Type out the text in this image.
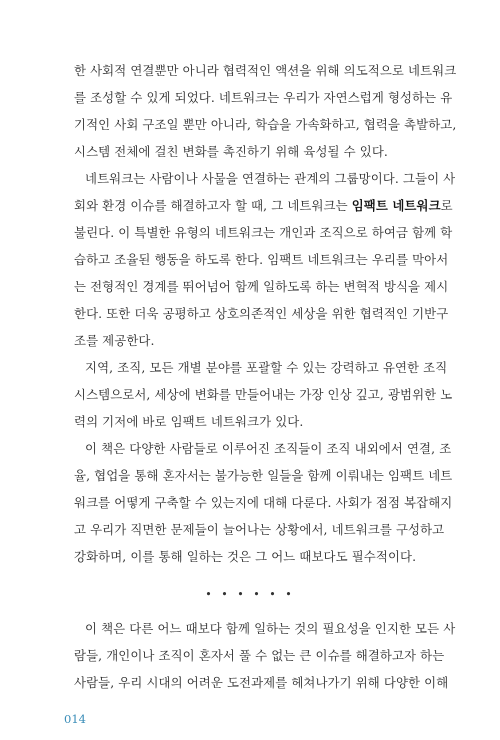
한 사회적 연결뿐만 아니라 협력적인 액션을 위해 의도적으로 네트워크
를 조성할 수 있게 되었다. 네트워크는 우리가 자연스럽게 형성하는 유
기적인 사회 구조일 뿐만 아니라, 학습을 가속화하고, 협력을 촉발하고,
시스템 전체에 걸친 변화를 촉진하기 위해 육성될 수 있다.
네트워크는 사람이나 사물을 연결하는 관계의 그룹망이다. 그들이 사
회와 환경 이슈를 해결하고자 할 때, 그 네트워크는 임팩트 네트워크로
불린다. 이 특별한 유형의 네트워크는 개인과 조직으로 하여금 함께 학
습하고 조율된 행동을 하도록 한다. 임팩트 네트워크는 우리를 막아서
는 전형적인 경계를 뛰어넘어 함께 일하도록 하는 변혁적 방식을 제시
한다. 또한 더욱 공평하고 상호의존적인 세상을 위한 협력적인 기반구
조를 제공한다.
지역, 조직, 모든 개별 분야를 포괄할 수 있는 강력하고 유연한 조직
시스템으로서, 세상에 변화를 만들어내는 가장 인상 깊고, 광범위한 노
력의 기저에 바로 임팩트 네트워크가 있다.
이 책은 다양한 사람들로 이루어진 조직들이 조직 내외에서 연결, 조
율, 협업을 통해 혼자서는 불가능한 일들을 함께 이뤄내는 임팩트 네트
워크를 어떻게 구축할 수 있는지에 대해 다룬다. 사회가 점점 복잡해지
고 우리가 직면한 문제들이 늘어나는 상황에서, 네트워크를 구성하고
강화하며, 이를 통해 일하는 것은 그 어느 때보다도 필수적이다.
• • • • • •
이 책은 다른 어느 때보다 함께 일하는 것의 필요성을 인지한 모든 사
람들, 개인이나 조직이 혼자서 풀 수 없는 큰 이슈를 해결하고자 하는
사람들, 우리 시대의 어려운 도전과제를 헤쳐나가기 위해 다양한 이해
014
